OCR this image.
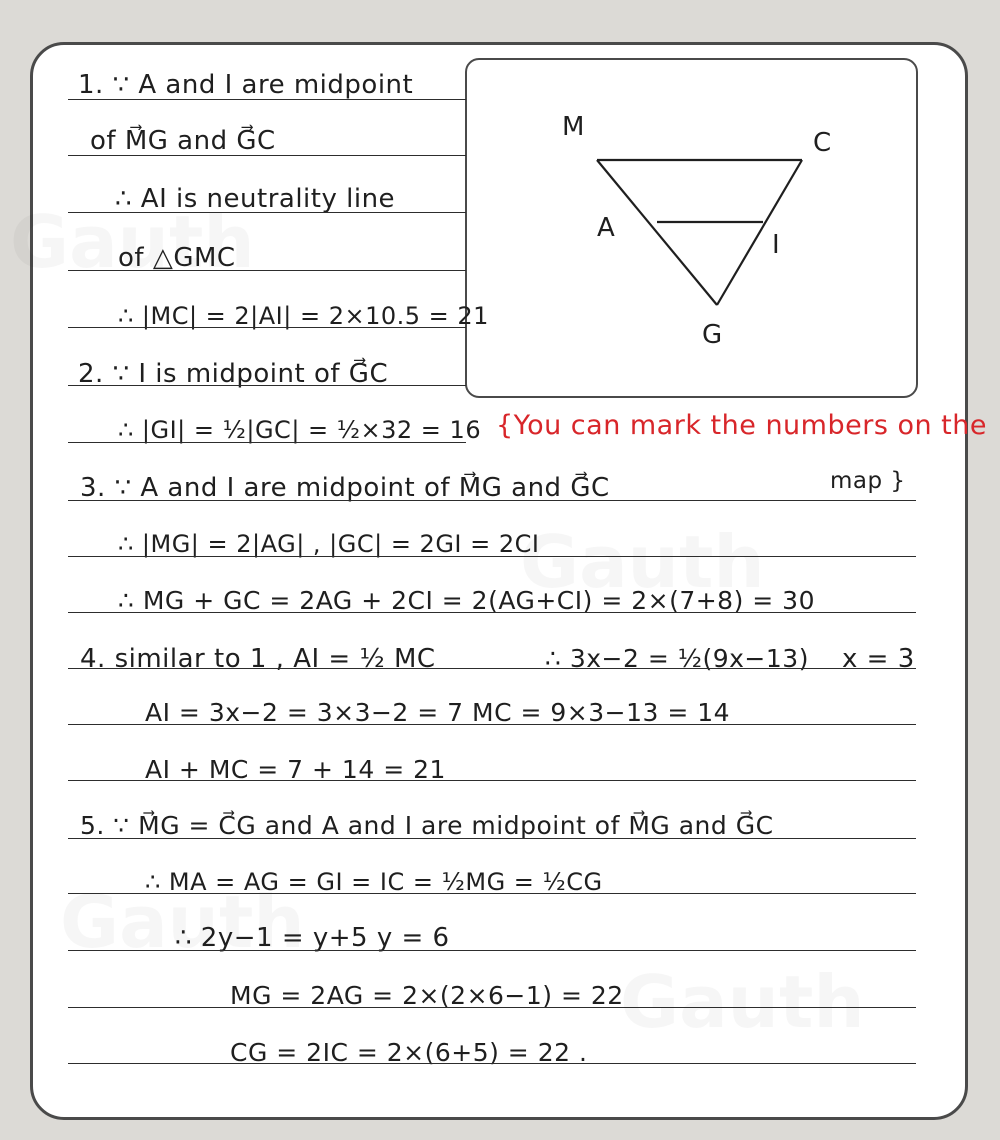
M
C
A
I
G
1. ∵ A and I are midpoint
of M⃗G and G⃗C
∴ AI is neutrality line
of △GMC
∴ |MC| = 2|AI| = 2×10.5 = 21
2. ∵ I is midpoint of G⃗C
∴ |GI| = ½|GC| = ½×32 = 16 {You can mark the numbers on the
map }
3. ∵ A and I are midpoint of M⃗G and G⃗C
∴ |MG| = 2|AG| , |GC| = 2GI = 2CI
∴ MG + GC = 2AG + 2CI = 2(AG+CI) = 2×(7+8) = 30
4. similar to 1 , AI = ½ MC	∴ 3x−2 = ½(9x−13) x = 3
AI = 3x−2 = 3×3−2 = 7 MC = 9×3−13 = 14
AI + MC = 7 + 14 = 21
5. ∵ M⃗G = C⃗G and A and I are midpoint of M⃗G and G⃗C
∴ MA = AG = GI = IC = ½MG = ½CG
∴ 2y−1 = y+5 y = 6
MG = 2AG = 2×(2×6−1) = 22
CG = 2IC = 2×(6+5) = 22 .
